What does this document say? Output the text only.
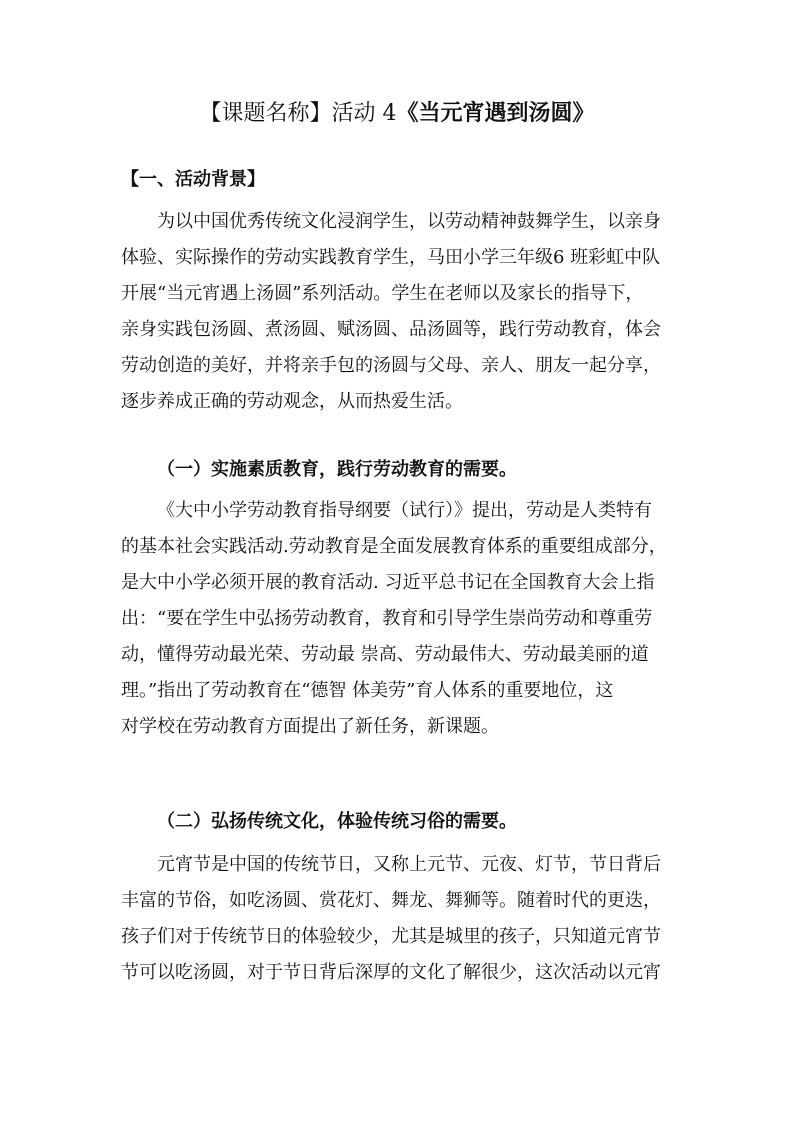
【课题名称】活动 4《当元宵遇到汤圆》
【一、活动背景】
为以中国优秀传统文化浸润学生，以劳动精神鼓舞学生，以亲身
体验、实际操作的劳动实践教育学生，马田小学三年级6 班彩虹中队
开展“当元宵遇上汤圆”系列活动。学生在老师以及家长的指导下，
亲身实践包汤圆、煮汤圆、赋汤圆、品汤圆等，践行劳动教育，体会
劳动创造的美好，并将亲手包的汤圆与父母、亲人、朋友一起分享，
逐步养成正确的劳动观念，从而热爱生活。
（一）实施素质教育，践行劳动教育的需要。
《大中小学劳动教育指导纲要（试行）》提出，劳动是人类特有
的基本社会实践活动.劳动教育是全面发展教育体系的重要组成部分，
是大中小学必须开展的教育活动. 习近平总书记在全国教育大会上指
出：“要在学生中弘扬劳动教育，教育和引导学生崇尚劳动和尊重劳
动，懂得劳动最光荣、劳动最 崇高、劳动最伟大、劳动最美丽的道
理。”指出了劳动教育在“德智 体美劳”育人体系的重要地位，这
对学校在劳动教育方面提出了新任务，新课题。
（二）弘扬传统文化，体验传统习俗的需要。
元宵节是中国的传统节日，又称上元节、元夜、灯节，节日背后
丰富的节俗，如吃汤圆、赏花灯、舞龙、舞狮等。随着时代的更迭，
孩子们对于传统节日的体验较少，尤其是城里的孩子，只知道元宵节
节可以吃汤圆，对于节日背后深厚的文化了解很少，这次活动以元宵
